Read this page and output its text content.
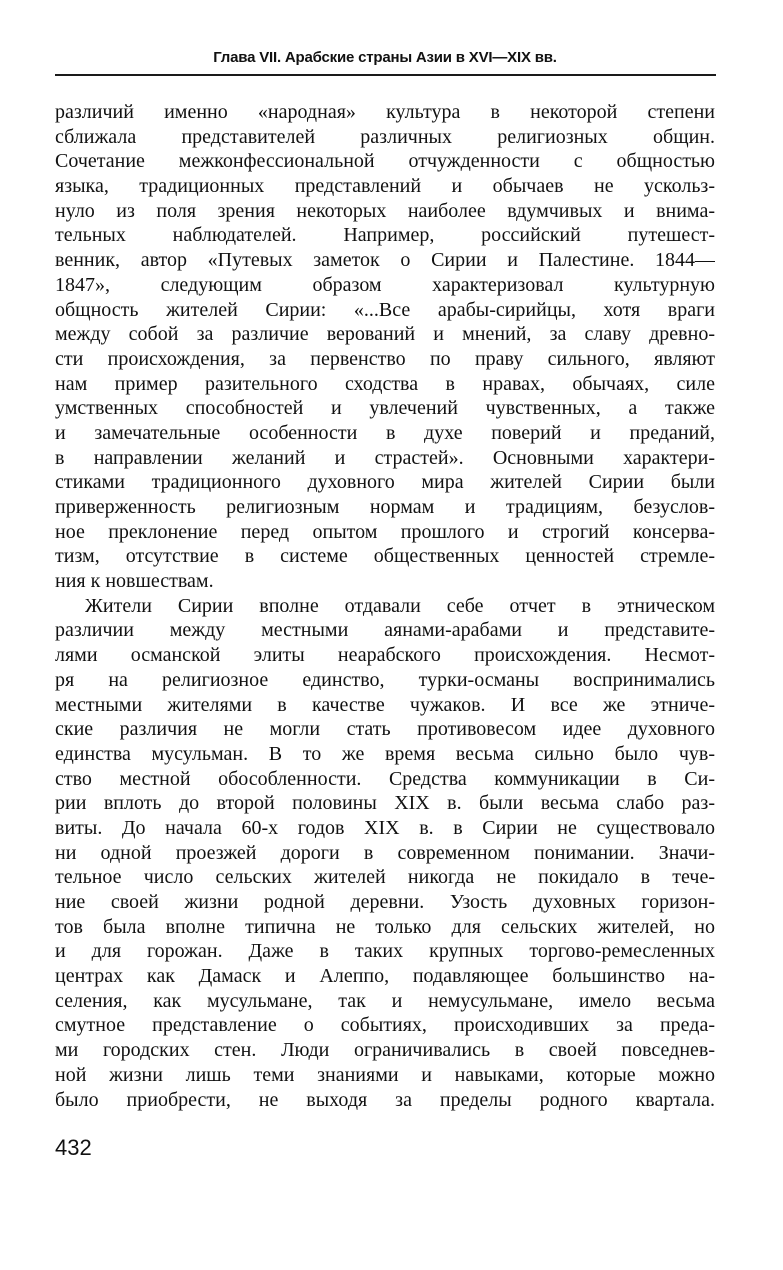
Глава VII. Арабские страны Азии в XVI—XIX вв.
различий именно «народная» культура в некоторой степени
сближала представителей различных религиозных общин.
Сочетание межконфессиональной отчужденности с общностью
языка, традиционных представлений и обычаев не ускольз-
нуло из поля зрения некоторых наиболее вдумчивых и внима-
тельных наблюдателей. Например, российский путешест-
венник, автор «Путевых заметок о Сирии и Палестине. 1844—
1847», следующим образом характеризовал культурную
общность жителей Сирии: «...Все арабы-сирийцы, хотя враги
между собой за различие верований и мнений, за славу древно-
сти происхождения, за первенство по праву сильного, являют
нам пример разительного сходства в нравах, обычаях, силе
умственных способностей и увлечений чувственных, а также
и замечательные особенности в духе поверий и преданий,
в направлении желаний и страстей». Основными характери-
стиками традиционного духовного мира жителей Сирии были
приверженность религиозным нормам и традициям, безуслов-
ное преклонение перед опытом прошлого и строгий консерва-
тизм, отсутствие в системе общественных ценностей стремле-
ния к новшествам.
Жители Сирии вполне отдавали себе отчет в этническом
различии между местными аянами-арабами и представите-
лями османской элиты неарабского происхождения. Несмот-
ря на религиозное единство, турки-османы воспринимались
местными жителями в качестве чужаков. И все же этниче-
ские различия не могли стать противовесом идее духовного
единства мусульман. В то же время весьма сильно было чув-
ство местной обособленности. Средства коммуникации в Си-
рии вплоть до второй половины XIX в. были весьма слабо раз-
виты. До начала 60-х годов XIX в. в Сирии не существовало
ни одной проезжей дороги в современном понимании. Значи-
тельное число сельских жителей никогда не покидало в тече-
ние своей жизни родной деревни. Узость духовных горизон-
тов была вполне типична не только для сельских жителей, но
и для горожан. Даже в таких крупных торгово-ремесленных
центрах как Дамаск и Алеппо, подавляющее большинство на-
селения, как мусульмане, так и немусульмане, имело весьма
смутное представление о событиях, происходивших за преда-
ми городских стен. Люди ограничивались в своей повседнев-
ной жизни лишь теми знаниями и навыками, которые можно
было приобрести, не выходя за пределы родного квартала.
432
